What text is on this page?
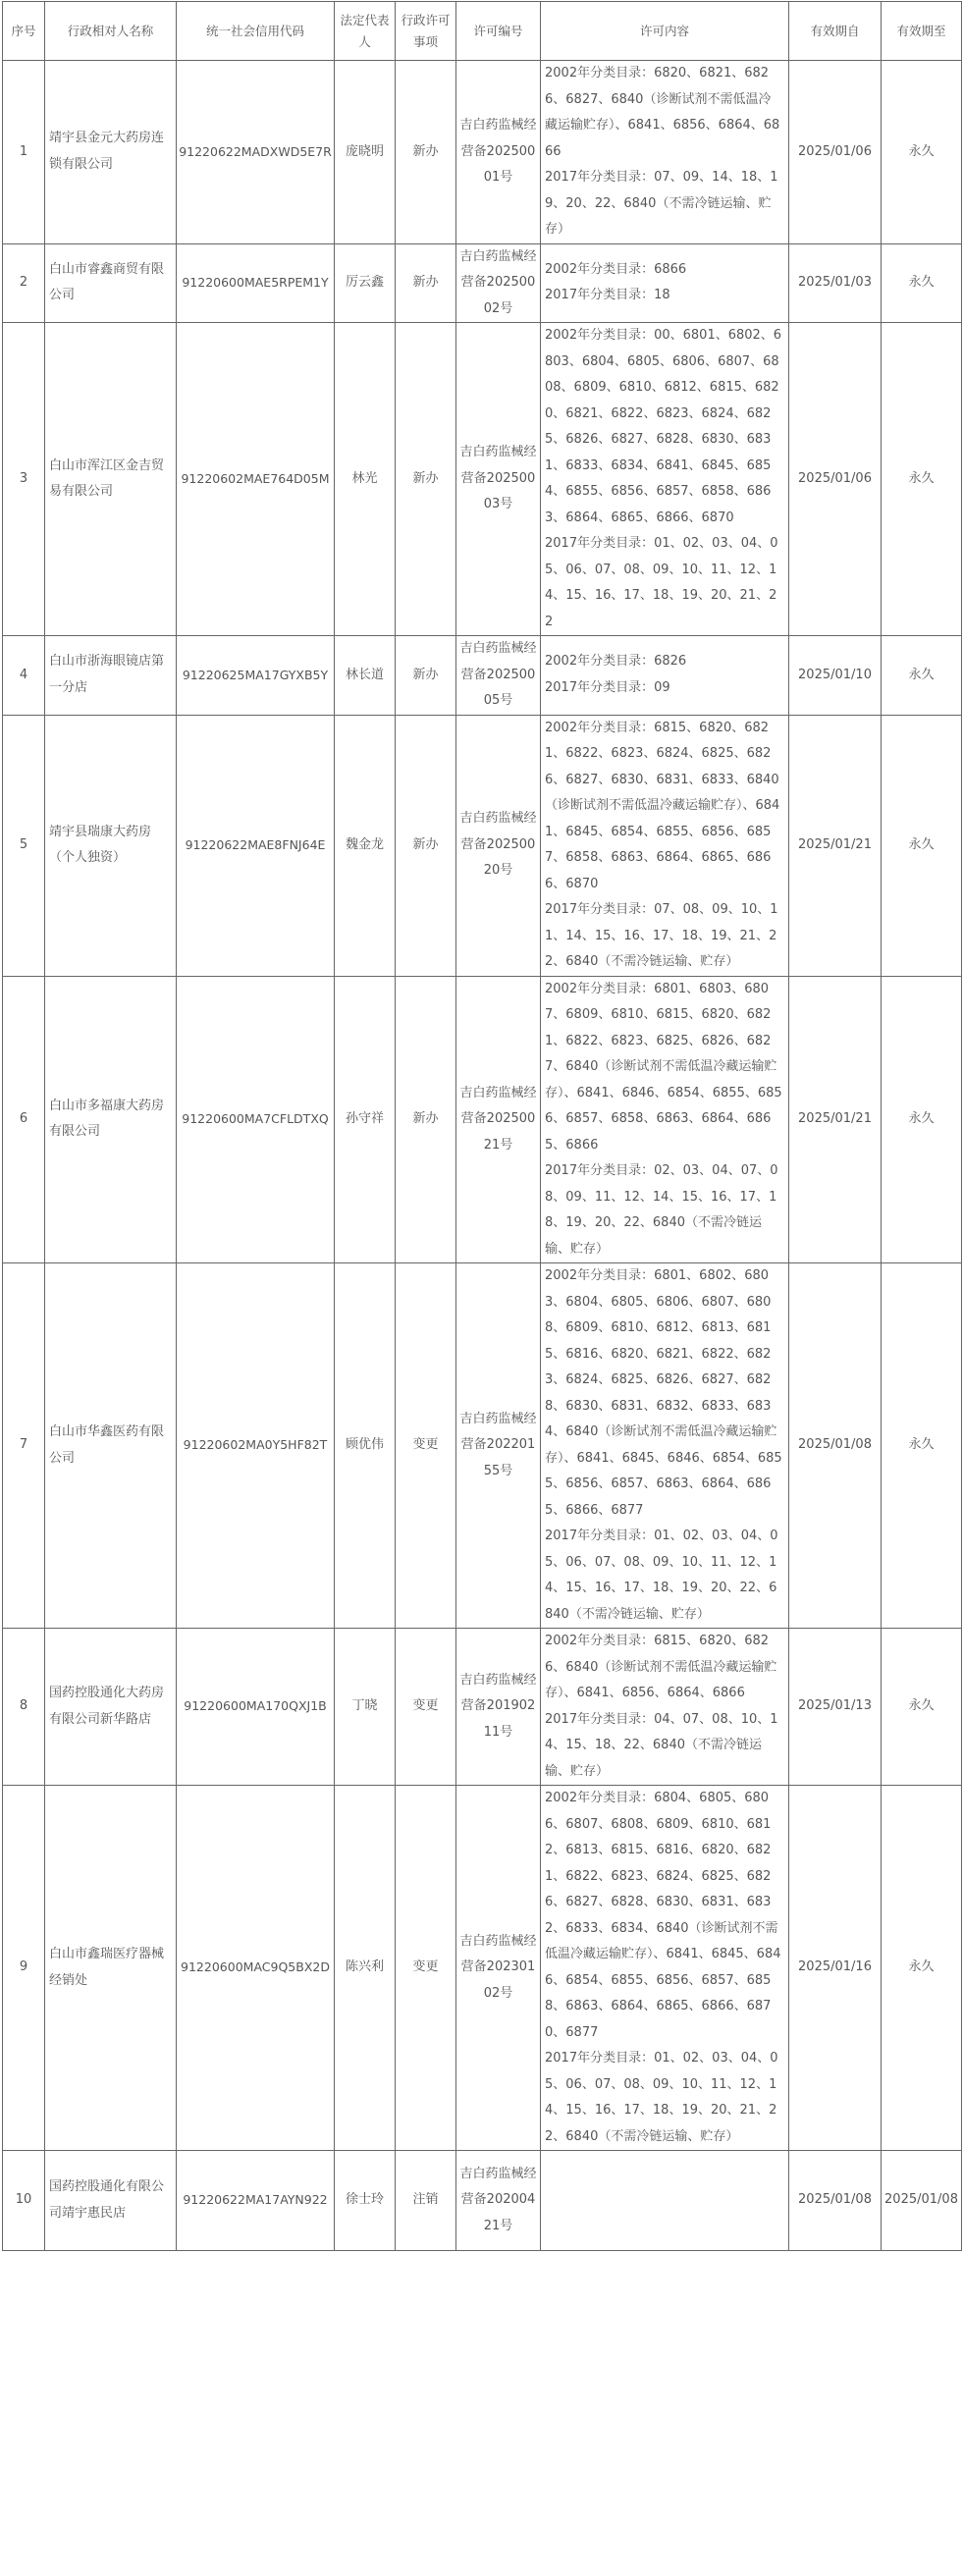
序号	行政相对人名称	统一社会信用代码	法定代表人	行政许可事项	许可编号	许可内容	有效期自	有效期至
1	靖宇县金元大药房连锁有限公司	91220622MADXWD5E7R	庞晓明	新办	吉白药监械经营备20250001号	2002年分类目录：6820、6821、6826、6827、6840（诊断试剂不需低温冷藏运输贮存）、6841、6856、6864、6866
2017年分类目录：07、09、14、18、19、20、22、6840（不需冷链运输、贮存）	2025/01/06	永久
2	白山市睿鑫商贸有限公司	91220600MAE5RPEM1Y	厉云鑫	新办	吉白药监械经营备20250002号	2002年分类目录：6866
2017年分类目录：18	2025/01/03	永久
3	白山市浑江区金吉贸易有限公司	91220602MAE764D05M	林光	新办	吉白药监械经营备20250003号	2002年分类目录：00、6801、6802、6803、6804、6805、6806、6807、6808、6809、6810、6812、6815、6820、6821、6822、6823、6824、6825、6826、6827、6828、6830、6831、6833、6834、6841、6845、6854、6855、6856、6857、6858、6863、6864、6865、6866、6870
2017年分类目录：01、02、03、04、05、06、07、08、09、10、11、12、14、15、16、17、18、19、20、21、22	2025/01/06	永久
4	白山市浙海眼镜店第一分店	91220625MA17GYXB5Y	林长道	新办	吉白药监械经营备20250005号	2002年分类目录：6826
2017年分类目录：09	2025/01/10	永久
5	靖宇县瑞康大药房（个人独资）	91220622MAE8FNJ64E	魏金龙	新办	吉白药监械经营备20250020号	2002年分类目录：6815、6820、6821、6822、6823、6824、6825、6826、6827、6830、6831、6833、6840（诊断试剂不需低温冷藏运输贮存）、6841、6845、6854、6855、6856、6857、6858、6863、6864、6865、6866、6870
2017年分类目录：07、08、09、10、11、14、15、16、17、18、19、21、22、6840（不需冷链运输、贮存）	2025/01/21	永久
6	白山市多福康大药房有限公司	91220600MA7CFLDTXQ	孙守祥	新办	吉白药监械经营备20250021号	2002年分类目录：6801、6803、6807、6809、6810、6815、6820、6821、6822、6823、6825、6826、6827、6840（诊断试剂不需低温冷藏运输贮存）、6841、6846、6854、6855、6856、6857、6858、6863、6864、6865、6866
2017年分类目录：02、03、04、07、08、09、11、12、14、15、16、17、18、19、20、22、6840（不需冷链运输、贮存）	2025/01/21	永久
7	白山市华鑫医药有限公司	91220602MA0Y5HF82T	顾优伟	变更	吉白药监械经营备20220155号	2002年分类目录：6801、6802、6803、6804、6805、6806、6807、6808、6809、6810、6812、6813、6815、6816、6820、6821、6822、6823、6824、6825、6826、6827、6828、6830、6831、6832、6833、6834、6840（诊断试剂不需低温冷藏运输贮存）、6841、6845、6846、6854、6855、6856、6857、6863、6864、6865、6866、6877
2017年分类目录：01、02、03、04、05、06、07、08、09、10、11、12、14、15、16、17、18、19、20、22、6840（不需冷链运输、贮存）	2025/01/08	永久
8	国药控股通化大药房有限公司新华路店	91220600MA170QXJ1B	丁晓	变更	吉白药监械经营备20190211号	2002年分类目录：6815、6820、6826、6840（诊断试剂不需低温冷藏运输贮存）、6841、6856、6864、6866
2017年分类目录：04、07、08、10、14、15、18、22、6840（不需冷链运输、贮存）	2025/01/13	永久
9	白山市鑫瑞医疗器械经销处	91220600MAC9Q5BX2D	陈兴利	变更	吉白药监械经营备20230102号	2002年分类目录：6804、6805、6806、6807、6808、6809、6810、6812、6813、6815、6816、6820、6821、6822、6823、6824、6825、6826、6827、6828、6830、6831、6832、6833、6834、6840（诊断试剂不需低温冷藏运输贮存）、6841、6845、6846、6854、6855、6856、6857、6858、6863、6864、6865、6866、6870、6877
2017年分类目录：01、02、03、04、05、06、07、08、09、10、11、12、14、15、16、17、18、19、20、21、22、6840（不需冷链运输、贮存）	2025/01/16	永久
10	国药控股通化有限公司靖宇惠民店	91220622MA17AYN922	徐士玲	注销	吉白药监械经营备20200421号		2025/01/08	2025/01/08
